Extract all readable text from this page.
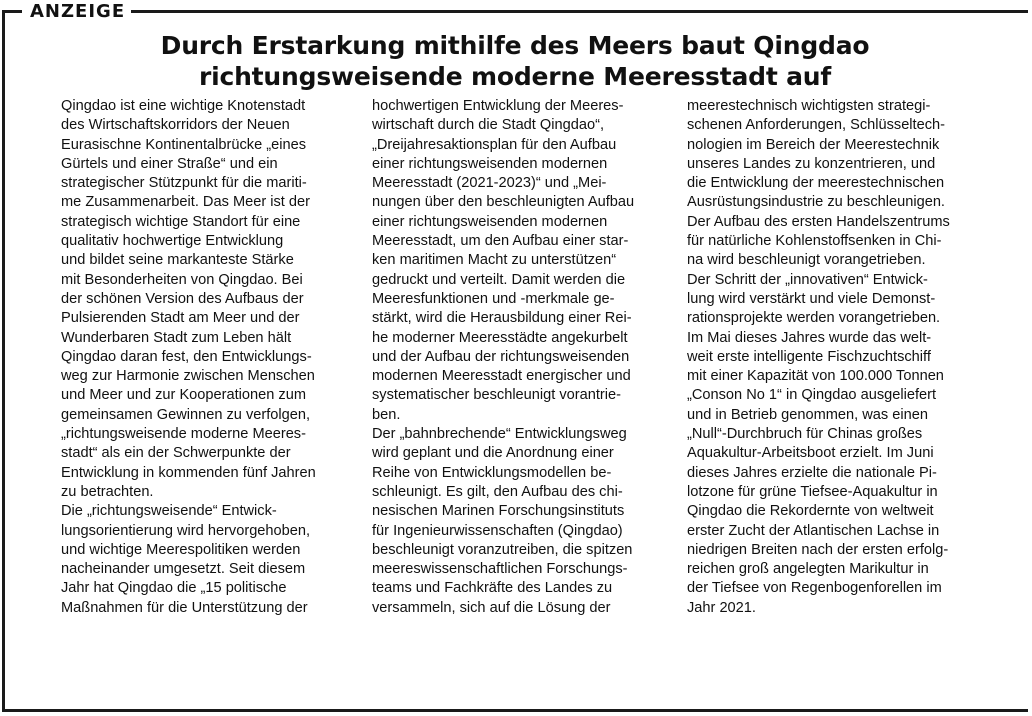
ANZEIGE
Durch Erstarkung mithilfe des Meers baut Qingdao
richtungsweisende moderne Meeresstadt auf
Qingdao ist eine wichtige Knotenstadt
des Wirtschaftskorridors der Neuen
Eurasischne Kontinentalbrücke „eines
Gürtels und einer Straße“ und ein
strategischer Stützpunkt für die mariti-
me Zusammenarbeit. Das Meer ist der
strategisch wichtige Standort für eine
qualitativ hochwertige Entwicklung
und bildet seine markanteste Stärke
mit Besonderheiten von Qingdao. Bei
der schönen Version des Aufbaus der
Pulsierenden Stadt am Meer und der
Wunderbaren Stadt zum Leben hält
Qingdao daran fest, den Entwicklungs-
weg zur Harmonie zwischen Menschen
und Meer und zur Kooperationen zum
gemeinsamen Gewinnen zu verfolgen,
„richtungsweisende moderne Meeres-
stadt“ als ein der Schwerpunkte der
Entwicklung in kommenden fünf Jahren
zu betrachten.
Die „richtungsweisende“ Entwick-
lungsorientierung wird hervorgehoben,
und wichtige Meerespolitiken werden
nacheinander umgesetzt. Seit diesem
Jahr hat Qingdao die „15 politische
Maßnahmen für die Unterstützung der
hochwertigen Entwicklung der Meeres-
wirtschaft durch die Stadt Qingdao“,
„Dreijahresaktionsplan für den Aufbau
einer richtungsweisenden modernen
Meeresstadt (2021-2023)“ und „Mei-
nungen über den beschleunigten Aufbau
einer richtungsweisenden modernen
Meeresstadt, um den Aufbau einer star-
ken maritimen Macht zu unterstützen“
gedruckt und verteilt. Damit werden die
Meeresfunktionen und -merkmale ge-
stärkt, wird die Herausbildung einer Rei-
he moderner Meeresstädte angekurbelt
und der Aufbau der richtungsweisenden
modernen Meeresstadt energischer und
systematischer beschleunigt vorantrie-
ben.
Der „bahnbrechende“ Entwicklungsweg
wird geplant und die Anordnung einer
Reihe von Entwicklungsmodellen be-
schleunigt. Es gilt, den Aufbau des chi-
nesischen Marinen Forschungsinstituts
für Ingenieurwissenschaften (Qingdao)
beschleunigt voranzutreiben, die spitzen
meereswissenschaftlichen Forschungs-
teams und Fachkräfte des Landes zu
versammeln, sich auf die Lösung der
meerestechnisch wichtigsten strategi-
schenen Anforderungen, Schlüsseltech-
nologien im Bereich der Meerestechnik
unseres Landes zu konzentrieren, und
die Entwicklung der meerestechnischen
Ausrüstungsindustrie zu beschleunigen.
Der Aufbau des ersten Handelszentrums
für natürliche Kohlenstoffsenken in Chi-
na wird beschleunigt vorangetrieben.
Der Schritt der „innovativen“ Entwick-
lung wird verstärkt und viele Demonst-
rationsprojekte werden vorangetrieben.
Im Mai dieses Jahres wurde das welt-
weit erste intelligente Fischzuchtschiff
mit einer Kapazität von 100.000 Tonnen
„Conson No 1“ in Qingdao ausgeliefert
und in Betrieb genommen, was einen
„Null“-Durchbruch für Chinas großes
Aquakultur-Arbeitsboot erzielt. Im Juni
dieses Jahres erzielte die nationale Pi-
lotzone für grüne Tiefsee-Aquakultur in
Qingdao die Rekordernte von weltweit
erster Zucht der Atlantischen Lachse in
niedrigen Breiten nach der ersten erfolg-
reichen groß angelegten Marikultur in
der Tiefsee von Regenbogenforellen im
Jahr 2021.
